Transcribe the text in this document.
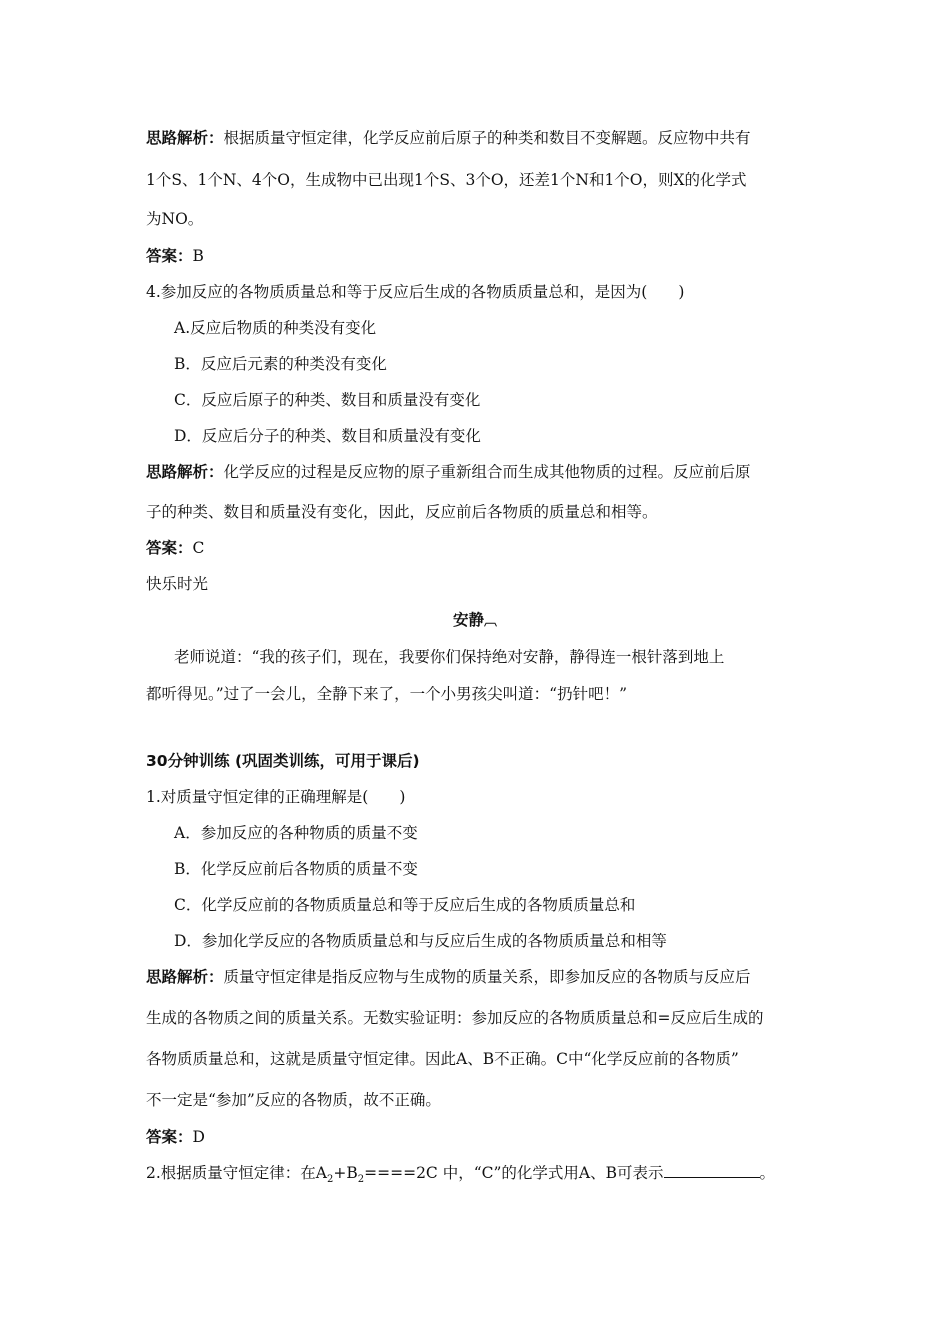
思路解析：根据质量守恒定律，化学反应前后原子的种类和数目不变解题。反应物中共有
1个S、1个N、4个O，生成物中已出现1个S、3个O，还差1个N和1个O，则X的化学式
为NO。
答案：B
4.参加反应的各物质质量总和等于反应后生成的各物质质量总和，是因为(　　)
A.反应后物质的种类没有变化
B．反应后元素的种类没有变化
C．反应后原子的种类、数目和质量没有变化
D．反应后分子的种类、数目和质量没有变化
思路解析：化学反应的过程是反应物的原子重新组合而生成其他物质的过程。反应前后原
子的种类、数目和质量没有变化，因此，反应前后各物质的质量总和相等。
答案：C
快乐时光
安静︹
老师说道：“我的孩子们，现在，我要你们保持绝对安静，静得连一根针落到地上
都听得见。”过了一会儿，全静下来了，一个小男孩尖叫道：“扔针吧！”
30分钟训练 (巩固类训练，可用于课后)
1.对质量守恒定律的正确理解是(　　)
A．参加反应的各种物质的质量不变
B．化学反应前后各物质的质量不变
C．化学反应前的各物质质量总和等于反应后生成的各物质质量总和
D．参加化学反应的各物质质量总和与反应后生成的各物质质量总和相等
思路解析：质量守恒定律是指反应物与生成物的质量关系，即参加反应的各物质与反应后
生成的各物质之间的质量关系。无数实验证明：参加反应的各物质质量总和=反应后生成的
各物质质量总和，这就是质量守恒定律。因此A、B不正确。C中“化学反应前的各物质”
不一定是“参加”反应的各物质，故不正确。
答案：D
2.根据质量守恒定律：在$A_2+B_2====2C$ 中，“C”的化学式用A、B可表示	。
